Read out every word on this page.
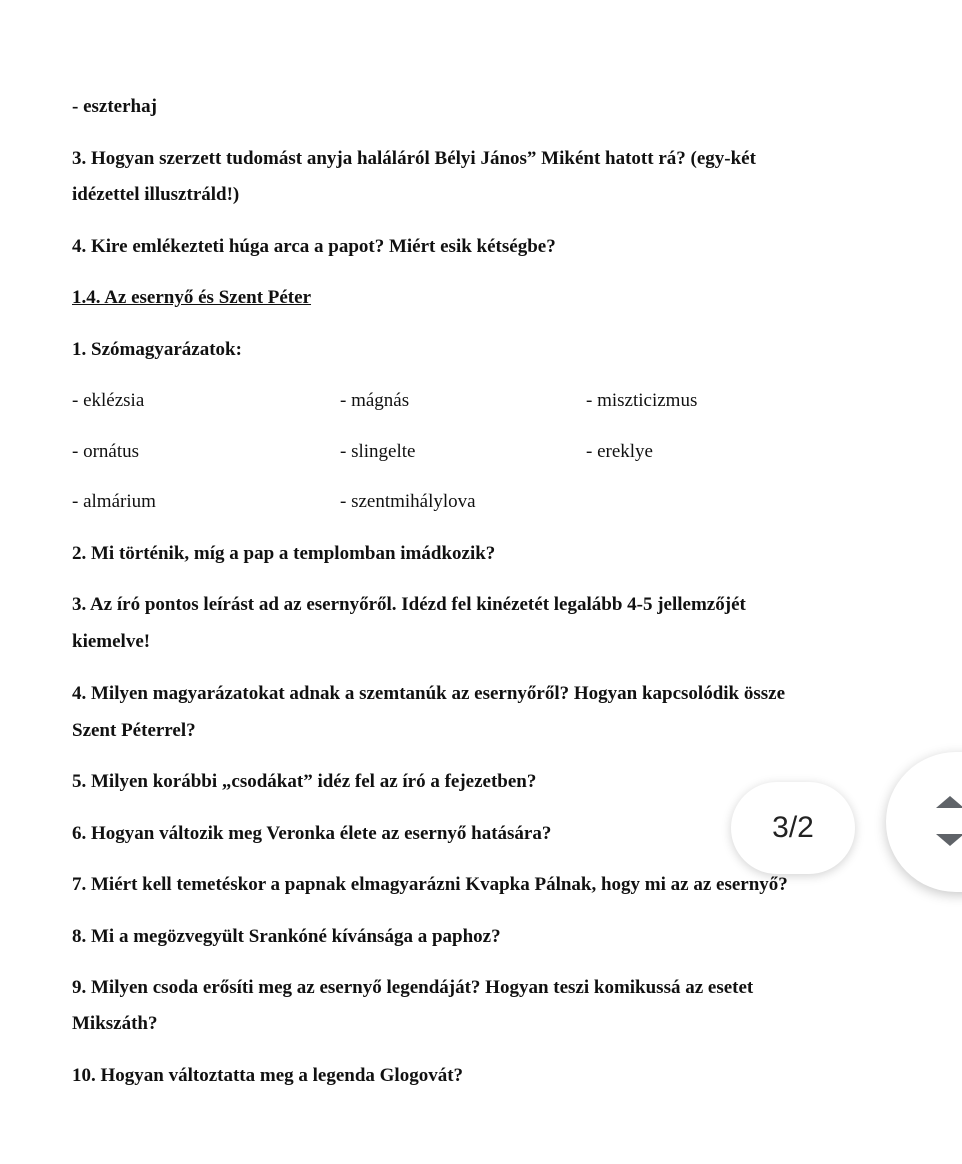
- eszterhaj
3. Hogyan szerzett tudomást anyja haláláról Bélyi János” Miként hatott rá? (egy-két
idézettel illusztráld!)
4. Kire emlékezteti húga arca a papot? Miért esik kétségbe?
1.4. Az esernyő és Szent Péter
1. Szómagyarázatok:
- eklézsia	- mágnás	- miszticizmus
- ornátus	- slingelte	- ereklye
- almárium	- szentmihálylova
2. Mi történik, míg a pap a templomban imádkozik?
3. Az író pontos leírást ad az esernyőről. Idézd fel kinézetét legalább 4-5 jellemzőjét
kiemelve!
4. Milyen magyarázatokat adnak a szemtanúk az esernyőről? Hogyan kapcsolódik össze
Szent Péterrel?
5. Milyen korábbi „csodákat” idéz fel az író a fejezetben?
6. Hogyan változik meg Veronka élete az esernyő hatására?
7. Miért kell temetéskor a papnak elmagyarázni Kvapka Pálnak, hogy mi az az esernyő?
8. Mi a megözvegyült Srankóné kívánsága a paphoz?
9. Milyen csoda erősíti meg az esernyő legendáját? Hogyan teszi komikussá az esetet
Mikszáth?
10. Hogyan változtatta meg a legenda Glogovát?
3/2
